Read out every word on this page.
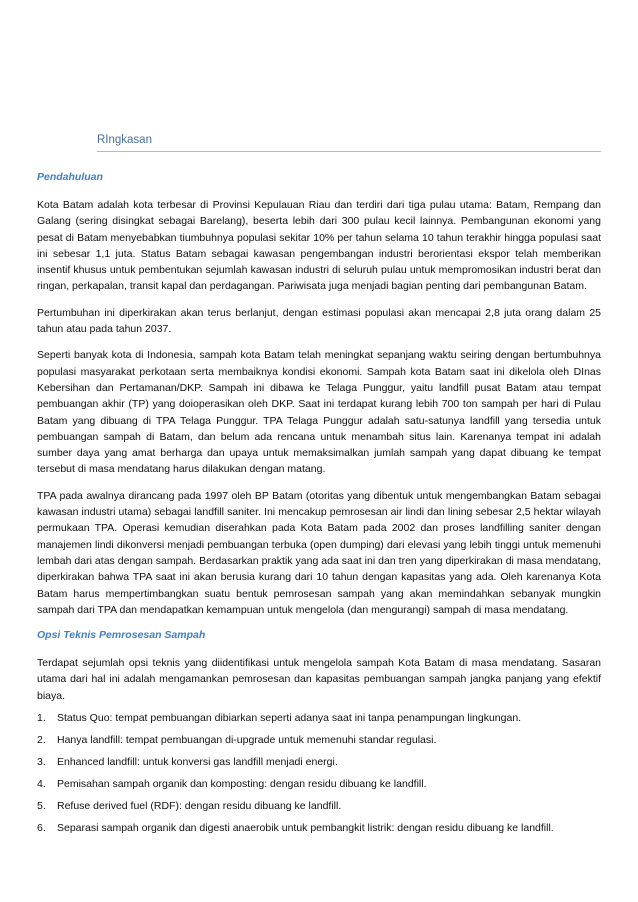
RIngkasan
Pendahuluan

Kota Batam adalah kota terbesar di Provinsi Kepulauan Riau dan terdiri dari tiga pulau utama: Batam, Rempang dan Galang (sering disingkat sebagai Barelang), beserta lebih dari 300 pulau kecil lainnya. Pembangunan ekonomi yang pesat di Batam menyebabkan tiumbuhnya populasi sekitar 10% per tahun selama 10 tahun terakhir hingga populasi saat ini sebesar 1,1 juta. Status Batam sebagai kawasan pengembangan industri berorientasi ekspor telah memberikan insentif khusus untuk pembentukan sejumlah kawasan industri di seluruh pulau untuk mempromosikan industri berat dan ringan, perkapalan, transit kapal dan perdagangan. Pariwisata juga menjadi bagian penting dari pembangunan Batam.

Pertumbuhan ini diperkirakan akan terus berlanjut, dengan estimasi populasi akan mencapai 2,8 juta orang dalam 25 tahun atau pada tahun 2037.

Seperti banyak kota di Indonesia, sampah kota Batam telah meningkat sepanjang waktu seiring dengan bertumbuhnya populasi masyarakat perkotaan serta membaiknya kondisi ekonomi. Sampah kota Batam saat ini dikelola oleh DInas Kebersihan dan Pertamanan/DKP. Sampah ini dibawa ke Telaga Punggur, yaitu landfill pusat Batam atau tempat pembuangan akhir (TP) yang doioperasikan oleh DKP. Saat ini terdapat kurang lebih 700 ton sampah per hari di Pulau Batam yang dibuang di TPA Telaga Punggur. TPA Telaga Punggur adalah satu-satunya landfill yang tersedia untuk pembuangan sampah di Batam, dan belum ada rencana untuk menambah situs lain. Karenanya tempat ini adalah sumber daya yang amat berharga dan upaya untuk memaksimalkan jumlah sampah yang dapat dibuang ke tempat tersebut di masa mendatang harus dilakukan dengan matang.

TPA pada awalnya dirancang pada 1997 oleh BP Batam (otoritas yang dibentuk untuk mengembangkan Batam sebagai kawasan industri utama) sebagai landfill saniter. Ini mencakup pemrosesan air lindi dan lining sebesar 2,5 hektar wilayah permukaan TPA. Operasi kemudian diserahkan pada Kota Batam pada 2002 dan proses landfilling saniter dengan manajemen lindi dikonversi menjadi pembuangan terbuka (open dumping) dari elevasi yang lebih tinggi untuk memenuhi lembah dari atas dengan sampah. Berdasarkan praktik yang ada saat ini dan tren yang diperkirakan di masa mendatang, diperkirakan bahwa TPA saat ini akan berusia kurang dari 10 tahun dengan kapasitas yang ada. Oleh karenanya Kota Batam harus mempertimbangkan suatu bentuk pemrosesan sampah yang akan memindahkan sebanyak mungkin sampah dari TPA dan mendapatkan kemampuan untuk mengelola (dan mengurangi) sampah di masa mendatang.

Opsi Teknis Pemrosesan Sampah

Terdapat sejumlah opsi teknis yang diidentifikasi untuk mengelola sampah Kota Batam di masa mendatang. Sasaran utama dari hal ini adalah mengamankan pemrosesan dan kapasitas pembuangan sampah jangka panjang yang efektif biaya.

1.	Status Quo: tempat pembuangan dibiarkan seperti adanya saat ini tanpa penampungan lingkungan.
2.	Hanya landfill: tempat pembuangan di-upgrade untuk memenuhi standar regulasi.
3.	Enhanced landfill: untuk konversi gas landfill menjadi energi.
4.	Pemisahan sampah organik dan komposting: dengan residu dibuang ke landfill.
5.	Refuse derived fuel (RDF): dengan residu dibuang ke landfill.
6.	Separasi sampah organik dan digesti anaerobik untuk pembangkit listrik: dengan residu dibuang ke landfill.
